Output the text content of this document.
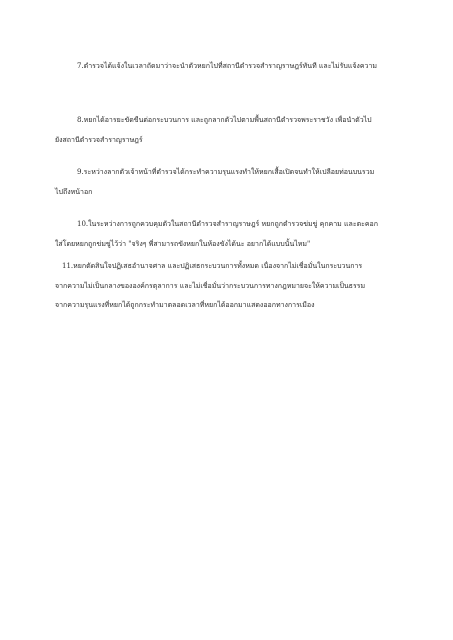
7.ตำรวจได้แจ้งในเวลาถัดมาว่าจะนำตัวหยกไปที่สถานีตำรวจสำราญราษฎร์ทันที และไม่รับแจ้งความ
8.หยกได้อารยะขัดขืนต่อกระบวนการ และถูกลากตัวไปตามพื้นสถานีตำรวจพระราชวัง เพื่อนำตัวไป
ยังสถานีตำรวจสำราญราษฎร์
9.ระหว่างลากตัวเจ้าหน้าที่ตำรวจได้กระทำความรุนแรงทำให้หยกเสื้อเปิดจนทำให้เปลือยท่อนบนรวม
ไปถึงหน้าอก
10.ในระหว่างการถูกควบคุมตัวในสถานีตำรวจสำราญราษฎร์ หยกถูกตำรวจข่มขู่ คุกคาม และตะคอก
ใส่โดยหยกถูกข่มขู่ไว้ว่า "จริงๆ พี่สามารถขังหยกในห้องขังได้นะ อยากได้แบบนั้นไหม"
11.หยกตัดสินใจปฏิเสธอำนาจศาล และปฏิเสธกระบวนการทั้งหมด เนื่องจากไม่เชื่อมั่นในกระบวนการ
จากความไม่เป็นกลางขององค์กรตุลาการ และไม่เชื่อมั่นว่ากระบวนการทางกฎหมายจะให้ความเป็นธรรม
จากความรุนแรงที่หยกได้ถูกกระทำมาตลอดเวลาที่หยกได้ออกมาแสดงออกทางการเมือง
